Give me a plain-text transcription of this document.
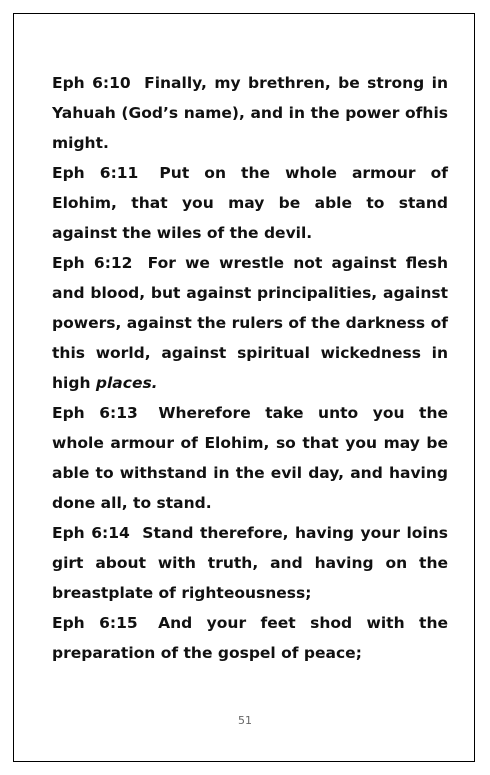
Eph 6:10 Finally, my brethren, be strong in Yahuah (God’s name), and in the power ofhis might.

Eph 6:11 Put on the whole armour of Elohim, that you may be able to stand against the wiles of the devil.

Eph 6:12 For we wrestle not against flesh and blood, but against principalities, against powers, against the rulers of the darkness of this world, against spiritual wickedness in high places.

Eph 6:13 Wherefore take unto you the whole armour of Elohim, so that you may be able to withstand in the evil day, and having done all, to stand.

Eph 6:14 Stand therefore, having your loins girt about with truth, and having on the breastplate of righteousness;

Eph 6:15 And your feet shod with the preparation of the gospel of peace;

51
